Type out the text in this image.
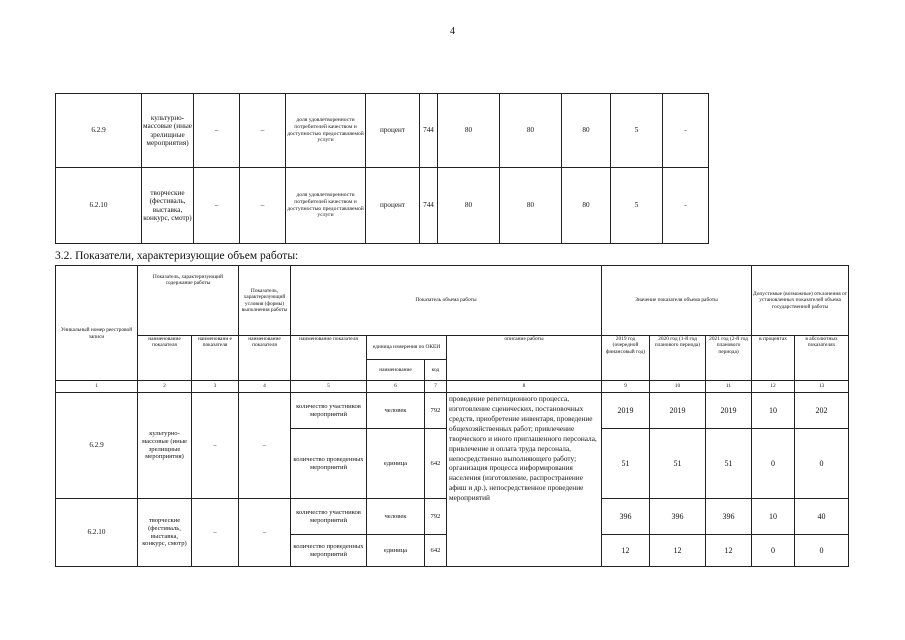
4
6.2.9	культурно-массовые (иные зрелищные мероприятия)	–	–	доля удовлетворенности потребителей качеством и доступностью предоставляемой услуги	процент	744	80	80	80	5	-
6.2.10	творческие (фестиваль, выставка, конкурс, смотр)	–	–	доля удовлетворенности потребителей качеством и доступностью предоставляемой услуги	процент	744	80	80	80	5	-
3.2. Показатели, характеризующие объем работы:
Уникальный номер реестровой записи	Показатель, характеризующий содержание работы		Показатель, характеризующий условия (формы) выполнения работы	Показатель объема работы				Значение показателя объема работы			Допустимые (возможные) отклонения от установленных показателей объема государственной работы	
	наименование показателя	наименовани е показателя	наименование показателя	наименование показателя	единица измерения по ОКЕИ		описание работы	2019 год (очередной финансовый год)	2020 год (1-й год планового периода)	2021 год (2-й год планового периода)	в процентах	в абсолютных показателях
					наименование	код						
1	2	3	4	5	6	7	8	9	10	11	12	13
6.2.9	культурно-массовые (иные зрелищные мероприятия)	–	–	количество участников мероприятий	человек	792	проведение репетиционного процесса, изготовление сценических, постановочных средств, приобретение инвентаря, проведение общехозяйственных работ; привлечение творческого и иного приглашенного персонала, привлечение и оплата труда персонала, непосредственно выполняющего работу; организация процесса информирования населения (изготовление, распространение афиш и др.), непосредственное проведение мероприятий	2019	2019	2019	10	202
				количество проведенных мероприятий	единица	642		51	51	51	0	0
6.2.10	творческие (фестиваль, выставка, конкурс, смотр)	–	–	количество участников мероприятий	человек	792		396	396	396	10	40
				количество проведенных мероприятий	единица	642		12	12	12	0	0
